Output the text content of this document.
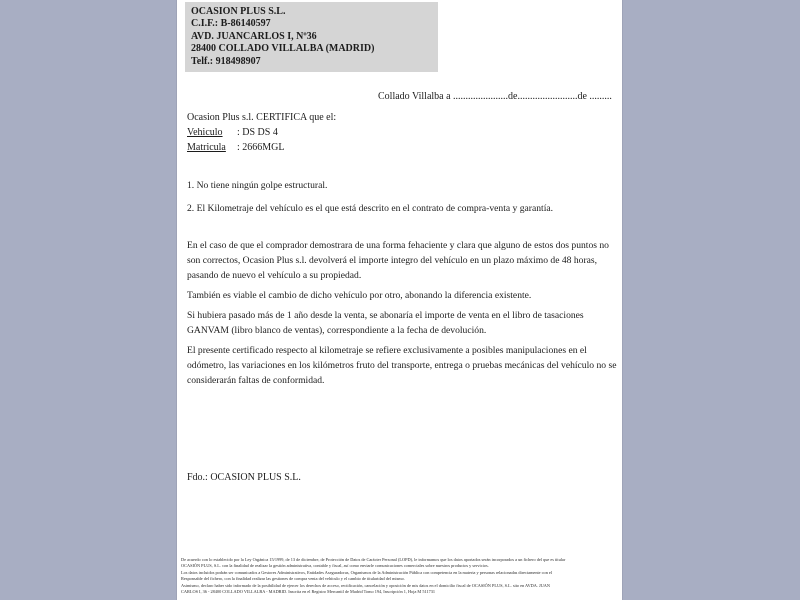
OCASION PLUS S.L.
C.I.F.: B-86140597
AVD. JUANCARLOS I, Nº36
28400 COLLADO VILLALBA (MADRID)
Telf.: 918498907
Collado Villalba a ......................de........................de .........
Ocasion Plus s.l. CERTIFICA que el:
Vehiculo : DS DS 4
Matricula : 2666MGL
1. No tiene ningún golpe estructural.
2. El Kilometraje del vehículo es el que está descrito en el contrato de compra-venta y garantía.

En el caso de que el comprador demostrara de una forma fehaciente y clara que alguno de estos dos puntos no son correctos, Ocasion Plus s.l. devolverá el importe integro del vehículo en un plazo máximo de 48 horas, pasando de nuevo el vehículo a su propiedad.

También es viable el cambio de dicho vehículo por otro, abonando la diferencia existente.

Si hubiera pasado más de 1 año desde la venta, se abonaría el importe de venta en el libro de tasaciones GANVAM (libro blanco de ventas), correspondiente a la fecha de devolución.

El presente certificado respecto al kilometraje se refiere exclusivamente a posibles manipulaciones en el odómetro, las variaciones en los kilómetros fruto del transporte, entrega o pruebas mecánicas del vehículo no se considerarán faltas de conformidad.

Fdo.: OCASION PLUS S.L.
De acuerdo con lo establecido por la Ley Orgánica 15/1999, de 13 de diciembre, de Protección de Datos de Carácter Personal (LOPD), le informamos que los datos aportados serán incorporados a un fichero del que es titular
OCASIÓN PLUS, S.L. con la finalidad de realizar la gestión administrativa, contable y fiscal, así como enviarle comunicaciones comerciales sobre nuestros productos y servicios.
Los datos incluidos podrán ser comunicados a Gestores Administrativos, Entidades Aseguradoras, Organismos de la Administración Pública con competencia en la materia y personas relacionadas directamente con el
Responsable del fichero, con la finalidad realizar las gestiones de compra venta del vehículo y el cambio de titularidad del mismo.
Asimismo, declaro haber sido informado de la posibilidad de ejercer los derechos de acceso, rectificación, cancelación y oposición de mis datos en el domicilio fiscal de OCASIÓN PLUS, S.L. sito en AVDA. JUAN
CARLOS I, 36 - 28400 COLLADO VILLALBA - MADRID. Inscrita en el Registro Mercantil de Madrid Tomo 194, Inscripción 1, Hoja M 511731
